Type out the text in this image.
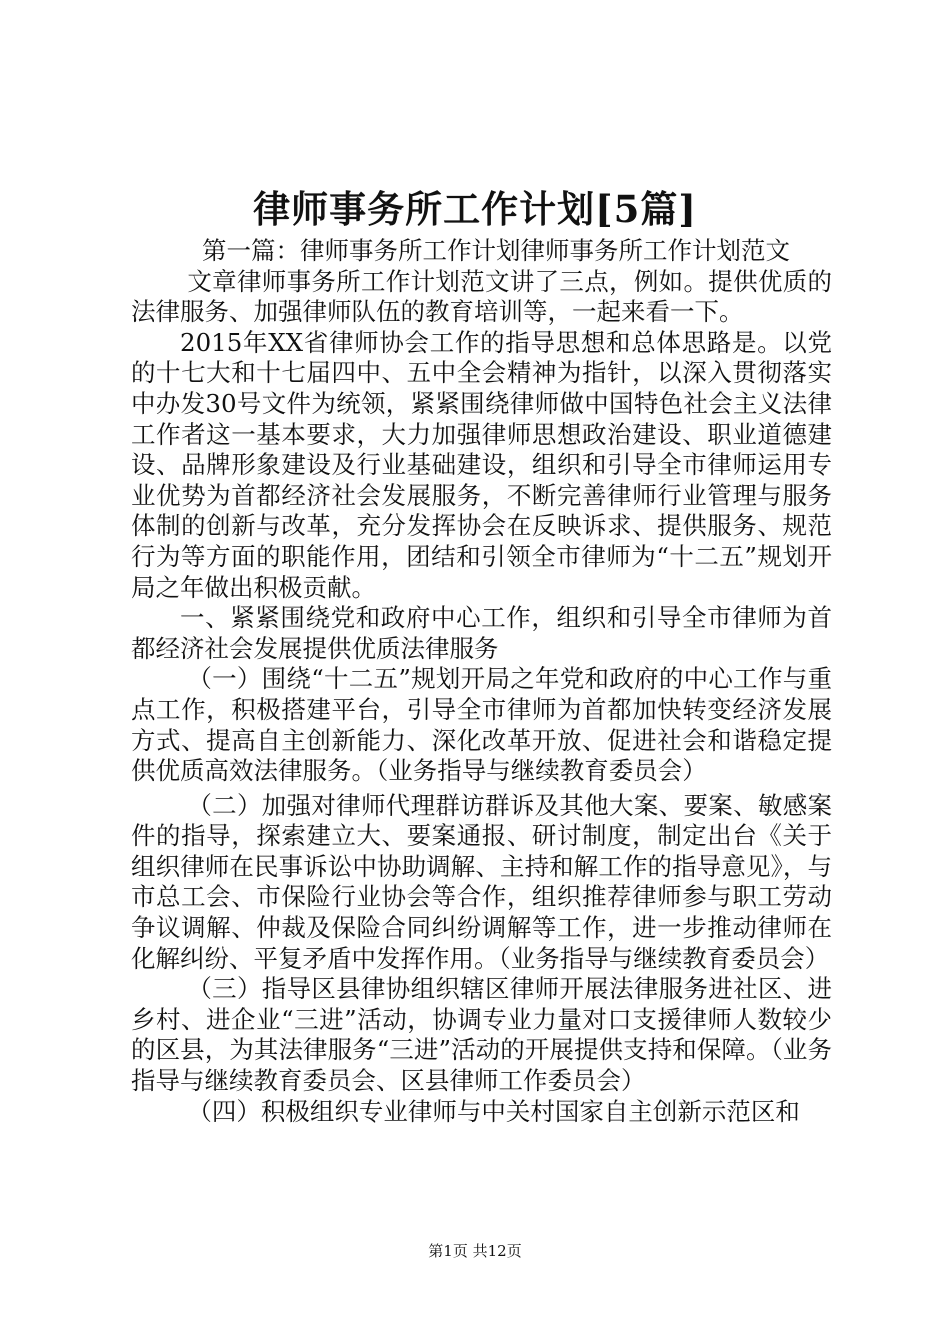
律师事务所工作计划[5篇]

第一篇：律师事务所工作计划律师事务所工作计划范文

文章律师事务所工作计划范文讲了三点，例如。提供优质的法律服务、加强律师队伍的教育培训等，一起来看一下。

2015年XX省律师协会工作的指导思想和总体思路是。以党的十七大和十七届四中、五中全会精神为指针，以深入贯彻落实中办发30号文件为统领，紧紧围绕律师做中国特色社会主义法律工作者这一基本要求，大力加强律师思想政治建设、职业道德建设、品牌形象建设及行业基础建设，组织和引导全市律师运用专业优势为首都经济社会发展服务，不断完善律师行业管理与服务体制的创新与改革，充分发挥协会在反映诉求、提供服务、规范行为等方面的职能作用，团结和引领全市律师为“十二五”规划开局之年做出积极贡献。

一、紧紧围绕党和政府中心工作，组织和引导全市律师为首都经济社会发展提供优质法律服务

（一）围绕“十二五”规划开局之年党和政府的中心工作与重点工作，积极搭建平台，引导全市律师为首都加快转变经济发展方式、提高自主创新能力、深化改革开放、促进社会和谐稳定提供优质高效法律服务。（业务指导与继续教育委员会）

（二）加强对律师代理群访群诉及其他大案、要案、敏感案件的指导，探索建立大、要案通报、研讨制度，制定出台《关于组织律师在民事诉讼中协助调解、主持和解工作的指导意见》，与市总工会、市保险行业协会等合作，组织推荐律师参与职工劳动争议调解、仲裁及保险合同纠纷调解等工作，进一步推动律师在化解纠纷、平复矛盾中发挥作用。（业务指导与继续教育委员会）

（三）指导区县律协组织辖区律师开展法律服务进社区、进乡村、进企业“三进”活动，协调专业力量对口支援律师人数较少的区县，为其法律服务“三进”活动的开展提供支持和保障。（业务指导与继续教育委员会、区县律师工作委员会）

（四）积极组织专业律师与中关村国家自主创新示范区和

第1页 共12页
